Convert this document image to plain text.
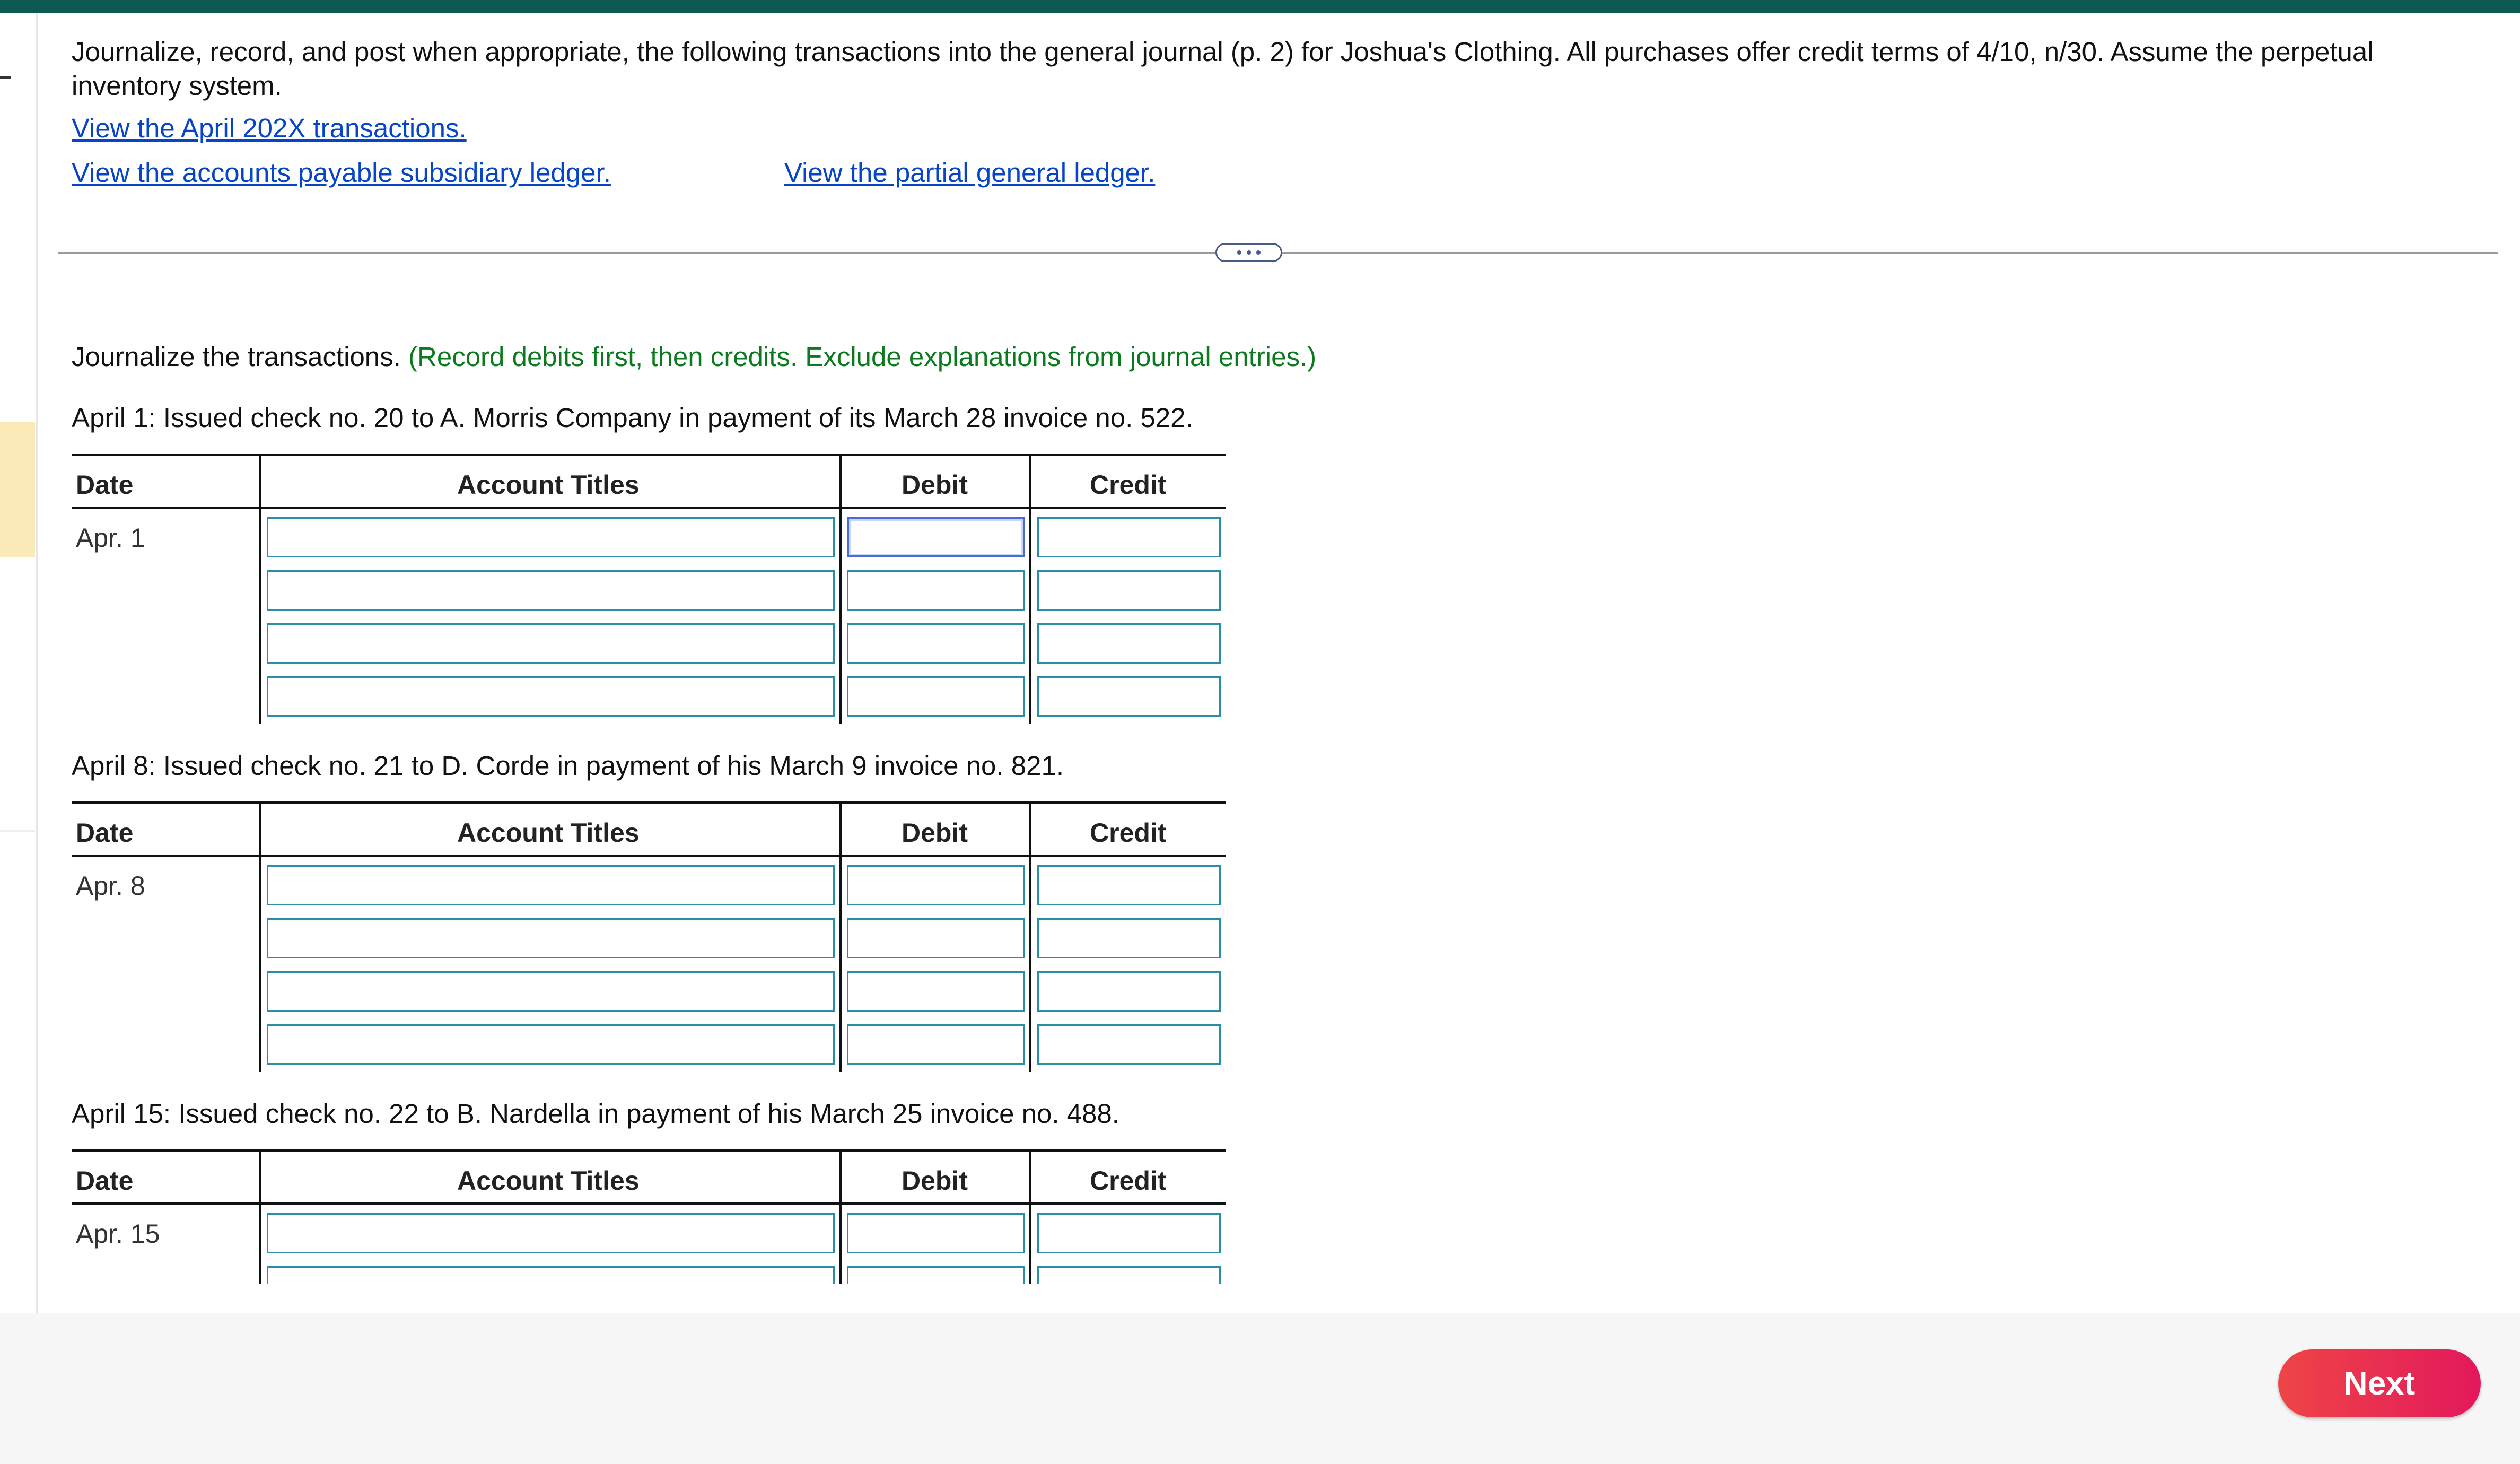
Journalize, record, and post when appropriate, the following transactions into the general journal (p. 2) for Joshua's Clothing. All purchases offer credit terms of 4/10, n/30. Assume the perpetual inventory system.
View the April 202X transactions.
View the accounts payable subsidiary ledger.	View the partial general ledger.
Journalize the transactions. (Record debits first, then credits. Exclude explanations from journal entries.)
April 1: Issued check no. 20 to A. Morris Company in payment of its March 28 invoice no. 522.
Date	Account Titles	Debit	Credit
Apr. 1
April 8: Issued check no. 21 to D. Corde in payment of his March 9 invoice no. 821.
Date	Account Titles	Debit	Credit
Apr. 8
April 15: Issued check no. 22 to B. Nardella in payment of his March 25 invoice no. 488.
Date	Account Titles	Debit	Credit
Apr. 15
Next
